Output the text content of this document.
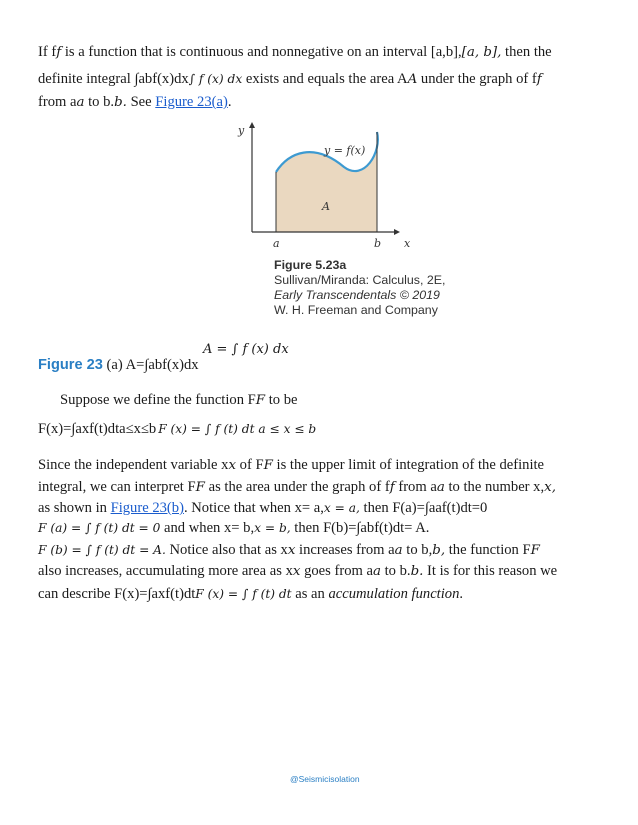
If ff is a function that is continuous and nonnegative on an interval [a,b],[a, b], then the
definite integral ∫abf(x)dx∫ f (x) dx exists and equals the area AA under the graph of ff
from aa to b.b. See Figure 23(a).
y
x
y = f(x)
A
a	b
Figure 5.23a
Sullivan/Miranda: Calculus, 2E,
Early Transcendentals © 2019
W. H. Freeman and Company
Figure 23 (a) A=∫abf(x)dx
A = ∫ f (x) dx
Suppose we define the function FF to be
F(x)=∫axf(t)dta≤x≤b F (x) = ∫ f (t) dt a ≤ x ≤ b
Since the independent variable xx of FF is the upper limit of integration of the definite
integral, we can interpret FF as the area under the graph of ff from aa to the number x,x,
as shown in Figure 23(b). Notice that when x= a,x = a, then F(a)=∫aaf(t)dt=0
F (a) = ∫ f (t) dt = 0 and when x= b,x = b, then F(b)=∫abf(t)dt= A.
F (b) = ∫ f (t) dt = A. Notice also that as xx increases from aa to b,b, the function FF
also increases, accumulating more area as xx goes from aa to b.b. It is for this reason we
can describe F(x)=∫axf(t)dtF (x) = ∫ f (t) dt as an accumulation function.
@Seismicisolation
